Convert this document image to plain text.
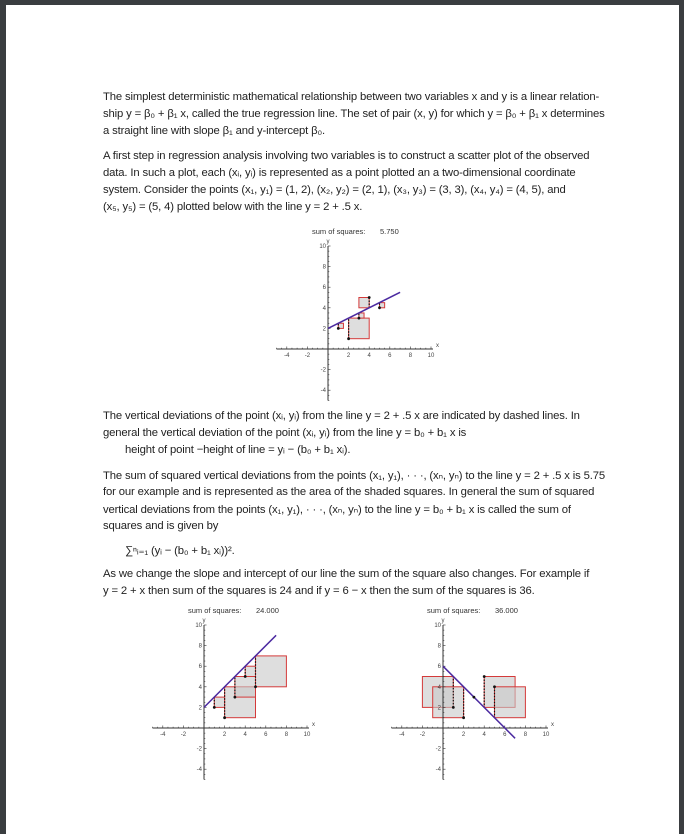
The simplest deterministic mathematical relationship between two variables x and y is a linear relation-
ship y = β₀ + β₁ x, called the true regression line. The set of pair (x, y) for which y = β₀ + β₁ x determines
a straight line with slope β₁ and y-intercept β₀.
A first step in regression analysis involving two variables is to construct a scatter plot of the observed
data. In such a plot, each (xᵢ, yᵢ) is represented as a point plotted an a two-dimensional coordinate
system. Consider the points (x₁, y₁) = (1, 2), (x₂, y₂) = (2, 1), (x₃, y₃) = (3, 3), (x₄, y₄) = (4, 5), and
(x₅, y₅) = (5, 4) plotted below with the line y = 2 + .5 x.
sum of squares: 5.750
-4	-2	2	4	6	8	10
-4
-2
2
4
6
8
10
x
y
The vertical deviations of the point (xᵢ, yᵢ) from the line y = 2 + .5 x are indicated by dashed lines. In
general the vertical deviation of the point (xᵢ, yᵢ) from the line y = b₀ + b₁ x is
height of point −height of line = yᵢ − (b₀ + b₁ xᵢ).
The sum of squared vertical deviations from the points (x₁, y₁), · · ·, (xₙ, yₙ) to the line y = 2 + .5 x is 5.75
for our example and is represented as the area of the shaded squares. In general the sum of squared
vertical deviations from the points (x₁, y₁), · · ·, (xₙ, yₙ) to the line y = b₀ + b₁ x is called the sum of
squares and is given by
∑ⁿᵢ₌₁ (yᵢ − (b₀ + b₁ xᵢ))².
As we change the slope and intercept of our line the sum of the square also changes. For example if
y = 2 + x then sum of the squares is 24 and if y = 6 − x then the sum of the squares is 36.
sum of squares: 24.000
-4	-2	2	4	6	8	10
-4
-2
2
4
6
8
10
x
y
sum of squares: 36.000
-4	-2	2	4	6	8	10
-4
-2
2
4
6
8
10
x
y
